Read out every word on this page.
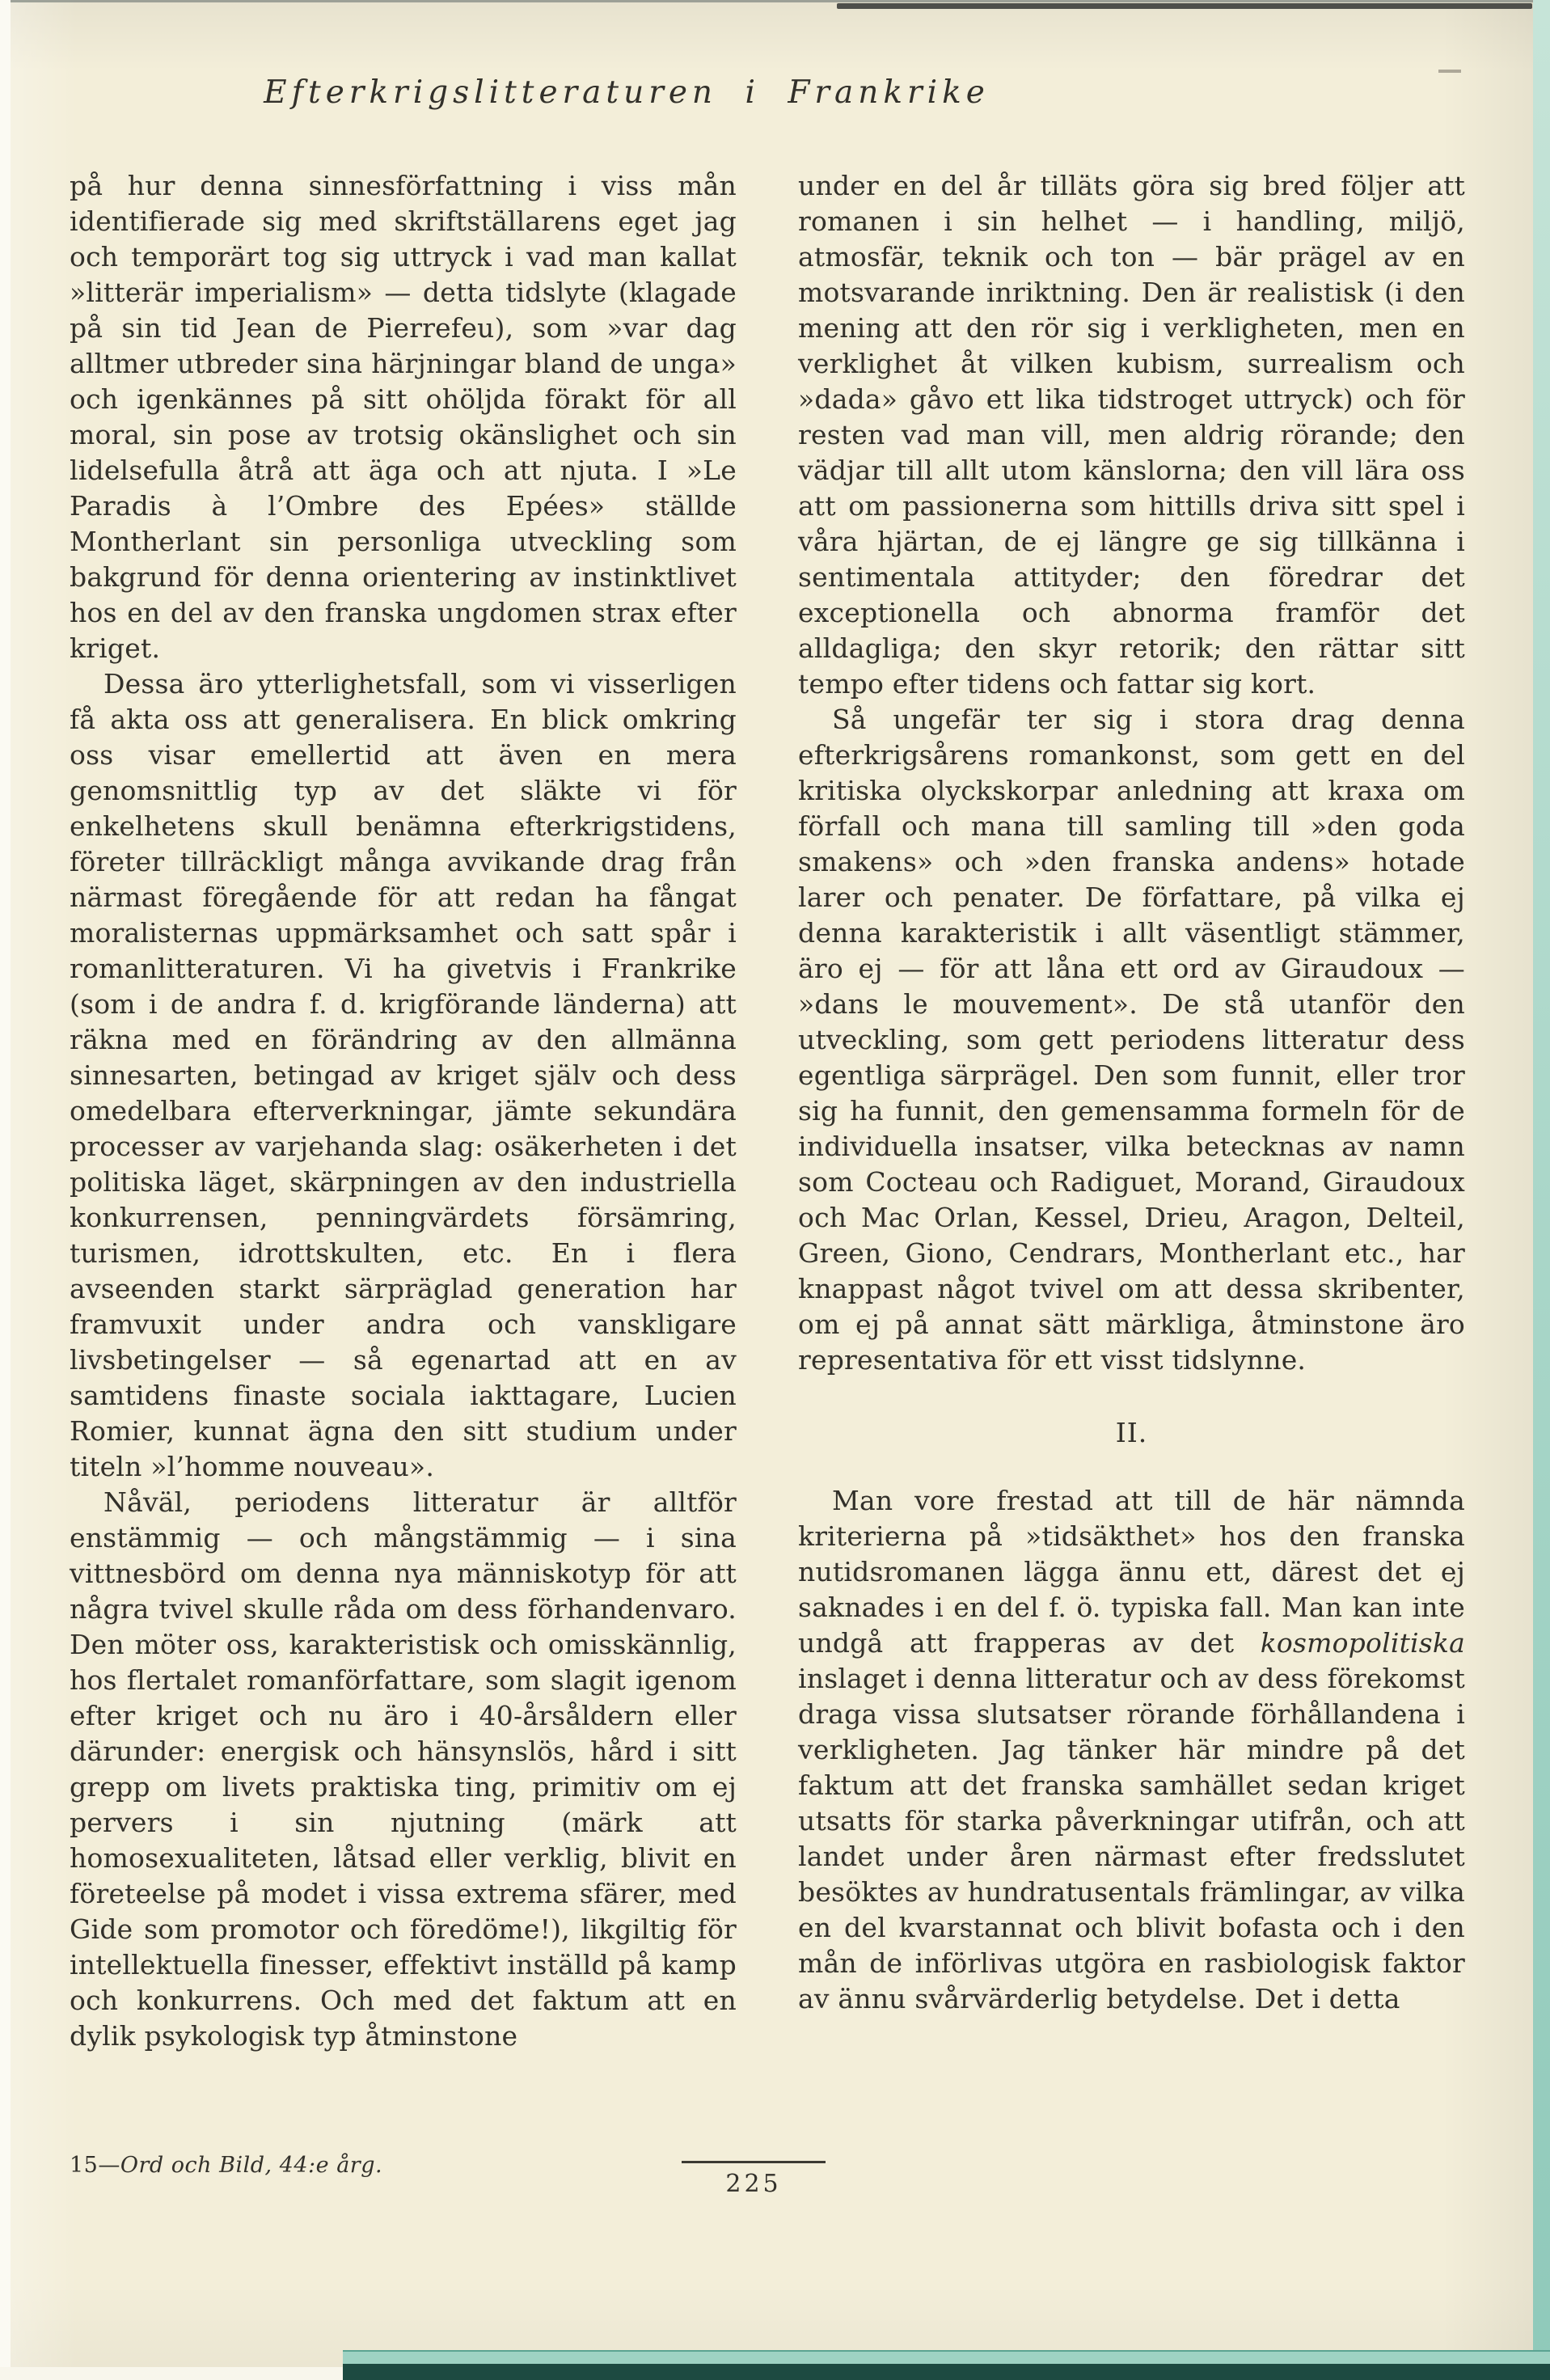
Efterkrigslitteraturen i Frankrike

på hur denna sinnesförfattning i viss mån identifierade sig med skriftställarens eget jag och temporärt tog sig uttryck i vad man kallat »litterär imperialism» — detta tidslyte (klagade på sin tid Jean de Pierrefeu), som »var dag alltmer utbreder sina härjningar bland de unga» och igenkännes på sitt ohöljda förakt för all moral, sin pose av trotsig okänslighet och sin lidelsefulla åtrå att äga och att njuta. I »Le Paradis à l’Ombre des Epées» ställde Montherlant sin personliga utveckling som bakgrund för denna orientering av instinktlivet hos en del av den franska ungdomen strax efter kriget.

Dessa äro ytterlighetsfall, som vi visserligen få akta oss att generalisera. En blick omkring oss visar emellertid att även en mera genomsnittlig typ av det släkte vi för enkelhetens skull benämna efterkrigstidens, företer tillräckligt många avvikande drag från närmast föregående för att redan ha fångat moralisternas uppmärksamhet och satt spår i romanlitteraturen. Vi ha givetvis i Frankrike (som i de andra f. d. krigförande länderna) att räkna med en förändring av den allmänna sinnesarten, betingad av kriget själv och dess omedelbara efterverkningar, jämte sekundära processer av varjehanda slag: osäkerheten i det politiska läget, skärpningen av den industriella konkurrensen, penningvärdets försämring, turismen, idrottskulten, etc. En i flera avseenden starkt särpräglad generation har framvuxit under andra och vanskligare livsbetingelser — så egenartad att en av samtidens finaste sociala iakttagare, Lucien Romier, kunnat ägna den sitt studium under titeln »l’homme nouveau».

Nåväl, periodens litteratur är alltför enstämmig — och mångstämmig — i sina vittnesbörd om denna nya människotyp för att några tvivel skulle råda om dess förhandenvaro. Den möter oss, karakteristisk och omisskännlig, hos flertalet romanförfattare, som slagit igenom efter kriget och nu äro i 40-årsåldern eller därunder: energisk och hänsynslös, hård i sitt grepp om livets praktiska ting, primitiv om ej pervers i sin njutning (märk att homosexualiteten, låtsad eller verklig, blivit en företeelse på modet i vissa extrema sfärer, med Gide som promotor och föredöme!), likgiltig för intellektuella finesser, effektivt inställd på kamp och konkurrens. Och med det faktum att en dylik psykologisk typ åtminstone

under en del år tilläts göra sig bred följer att romanen i sin helhet — i handling, miljö, atmosfär, teknik och ton — bär prägel av en motsvarande inriktning. Den är realistisk (i den mening att den rör sig i verkligheten, men en verklighet åt vilken kubism, surrealism och »dada» gåvo ett lika tidstroget uttryck) och för resten vad man vill, men aldrig rörande; den vädjar till allt utom känslorna; den vill lära oss att om passionerna som hittills driva sitt spel i våra hjärtan, de ej längre ge sig tillkänna i sentimentala attityder; den föredrar det exceptionella och abnorma framför det alldagliga; den skyr retorik; den rättar sitt tempo efter tidens och fattar sig kort.

Så ungefär ter sig i stora drag denna efterkrigsårens romankonst, som gett en del kritiska olyckskorpar anledning att kraxa om förfall och mana till samling till »den goda smakens» och »den franska andens» hotade larer och penater. De författare, på vilka ej denna karakteristik i allt väsentligt stämmer, äro ej — för att låna ett ord av Giraudoux — »dans le mouvement». De stå utanför den utveckling, som gett periodens litteratur dess egentliga särprägel. Den som funnit, eller tror sig ha funnit, den gemensamma formeln för de individuella insatser, vilka betecknas av namn som Cocteau och Radiguet, Morand, Giraudoux och Mac Orlan, Kessel, Drieu, Aragon, Delteil, Green, Giono, Cendrars, Montherlant etc., har knappast något tvivel om att dessa skribenter, om ej på annat sätt märkliga, åtminstone äro representativa för ett visst tidslynne.

II.

Man vore frestad att till de här nämnda kriterierna på »tidsäkthet» hos den franska nutidsromanen lägga ännu ett, därest det ej saknades i en del f. ö. typiska fall. Man kan inte undgå att frapperas av det kosmopolitiska inslaget i denna litteratur och av dess förekomst draga vissa slutsatser rörande förhållandena i verkligheten. Jag tänker här mindre på det faktum att det franska samhället sedan kriget utsatts för starka påverkningar utifrån, och att landet under åren närmast efter fredsslutet besöktes av hundratusentals främlingar, av vilka en del kvarstannat och blivit bofasta och i den mån de införlivas utgöra en rasbiologisk faktor av ännu svårvärderlig betydelse. Det i detta

15—Ord och Bild, 44:e årg.
225
